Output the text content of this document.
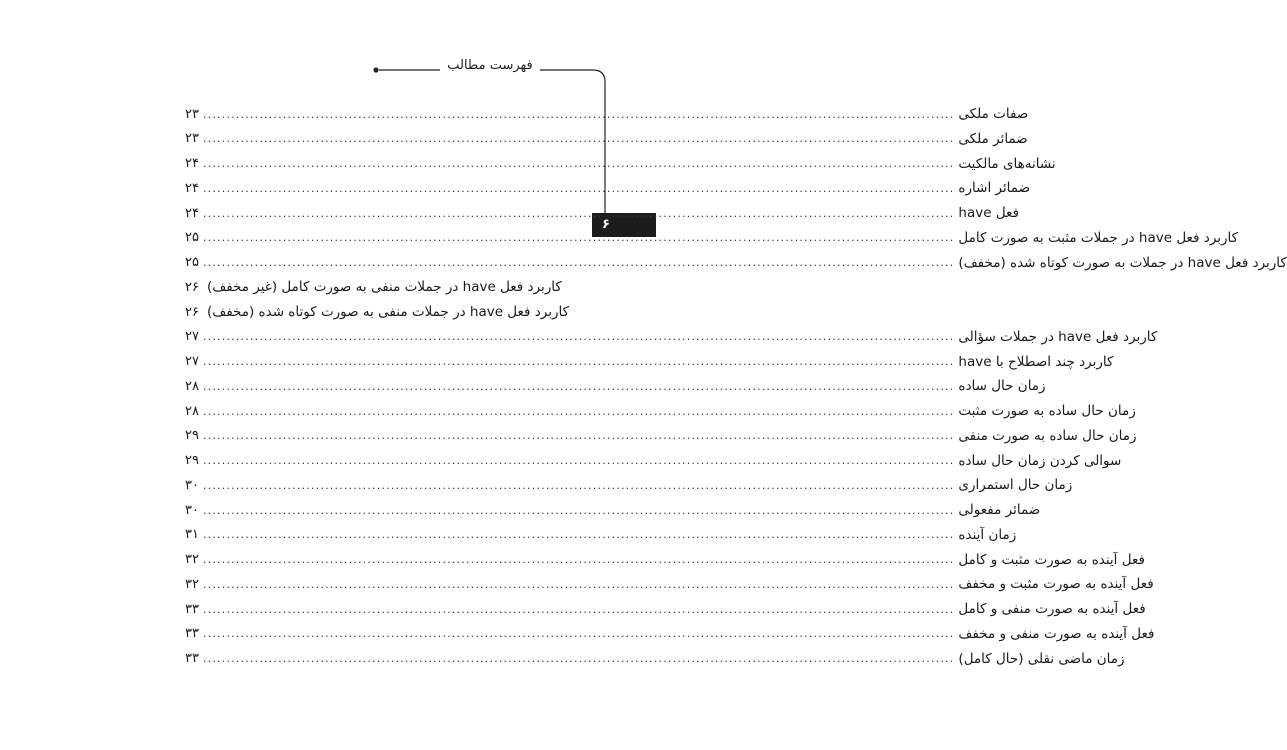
فهرست مطالب
۶
۲۳ ................................................................................................................................................................ صفات ملکی
۲۳ ................................................................................................................................................................ ضمائر ملکی
۲۴ ................................................................................................................................................................ نشانه‌های مالکیت
۲۴ ................................................................................................................................................................ ضمائر اشاره
۲۴ ................................................................................................................................................................ فعل have
۲۵ ................................................................................................................................................................ کاربرد فعل have در جملات مثبت به صورت کامل
۲۵ ................................................................................................................................................................ کاربرد فعل have در جملات به صورت کوتاه شده (مخفف)
۲۶ کاربرد فعل have در جملات منفی به صورت کامل (غیر مخفف)
۲۶ کاربرد فعل have در جملات منفی به صورت کوتاه شده (مخفف)
۲۷ ................................................................................................................................................................ کاربرد فعل have در جملات سؤالی
۲۷ ................................................................................................................................................................ کاربرد چند اصطلاح با have
۲۸ ................................................................................................................................................................ زمان حال ساده
۲۸ ................................................................................................................................................................ زمان حال ساده به صورت مثبت
۲۹ ................................................................................................................................................................ زمان حال ساده به صورت منفی
۲۹ ................................................................................................................................................................ سوالی کردن زمان حال ساده
۳۰ ................................................................................................................................................................ زمان حال استمراری
۳۰ ................................................................................................................................................................ ضمائر مفعولی
۳۱ ................................................................................................................................................................ زمان آینده
۳۲ ................................................................................................................................................................ فعل آینده به صورت مثبت و کامل
۳۲ ................................................................................................................................................................ فعل آینده به صورت مثبت و مخفف
۳۳ ................................................................................................................................................................ فعل آینده به صورت منفی و کامل
۳۳ ................................................................................................................................................................ فعل آینده به صورت منفی و مخفف
۳۳ ................................................................................................................................................................ زمان ماضی نقلی (حال کامل)
